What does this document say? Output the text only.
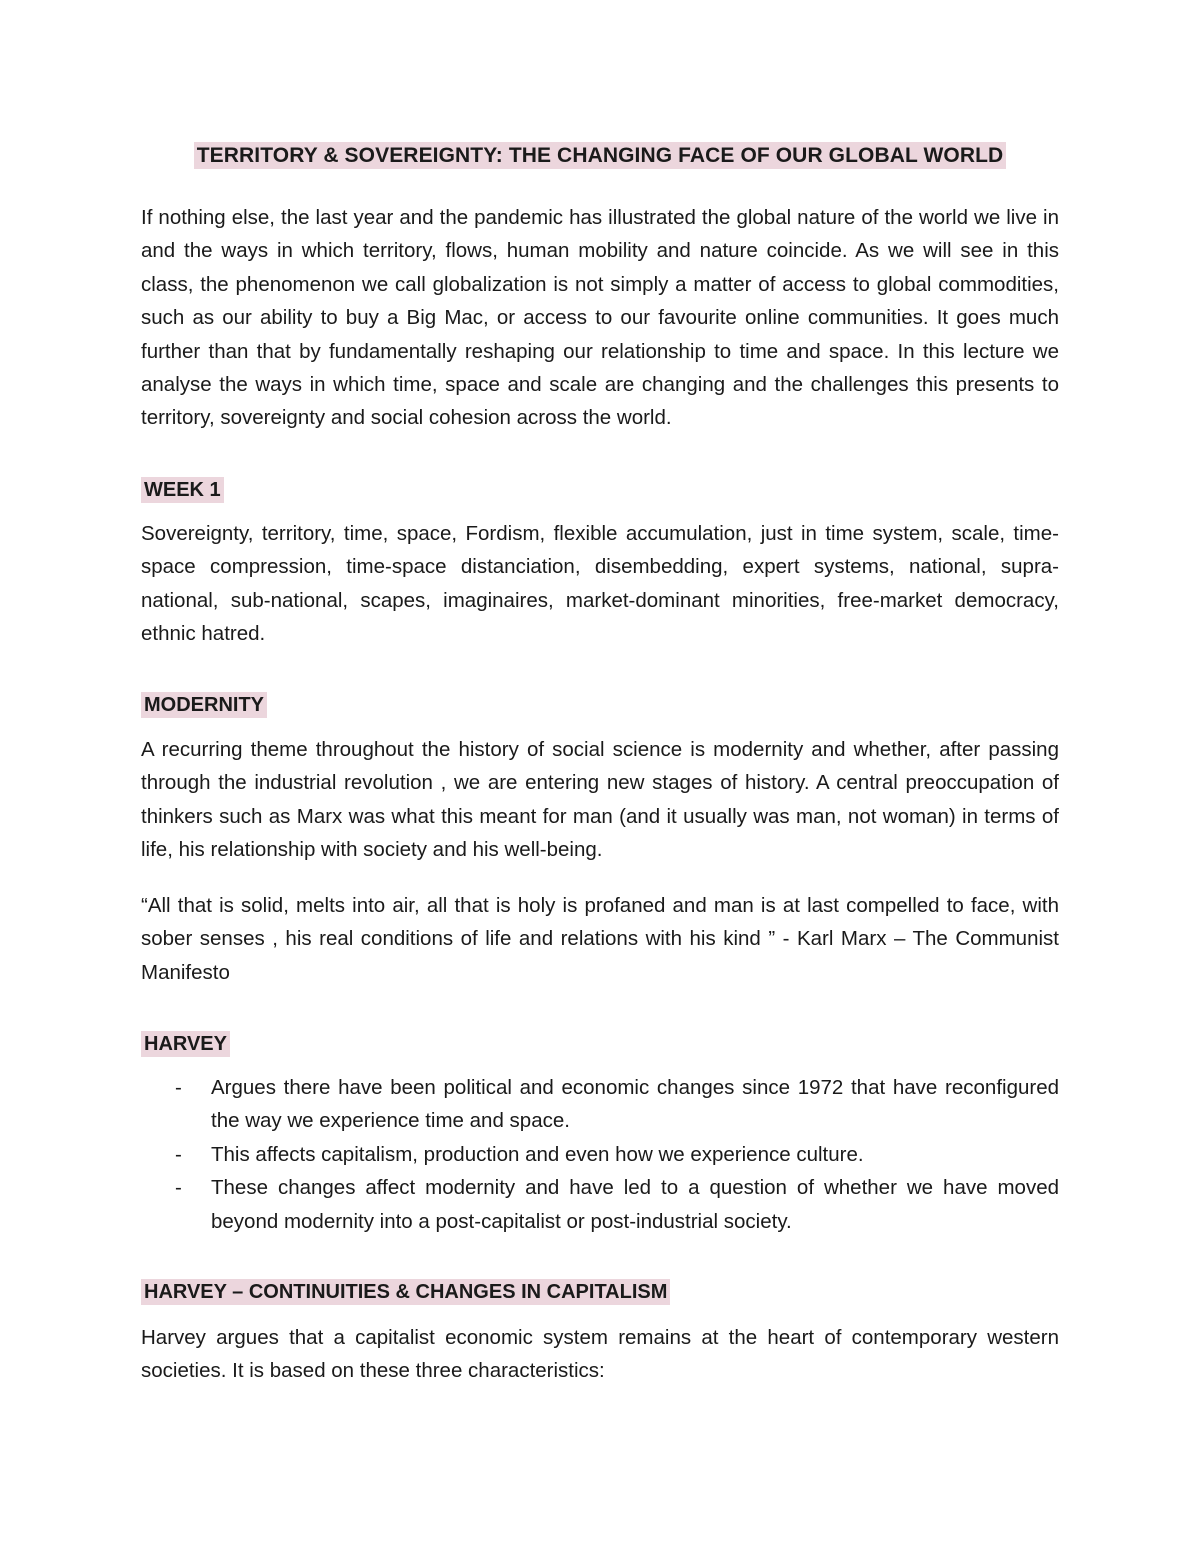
TERRITORY & SOVEREIGNTY: THE CHANGING FACE OF OUR GLOBAL WORLD

If nothing else, the last year and the pandemic has illustrated the global nature of the world we live in and the ways in which territory, flows, human mobility and nature coincide. As we will see in this class, the phenomenon we call globalization is not simply a matter of access to global commodities, such as our ability to buy a Big Mac, or access to our favourite online communities. It goes much further than that by fundamentally reshaping our relationship to time and space. In this lecture we analyse the ways in which time, space and scale are changing and the challenges this presents to territory, sovereignty and social cohesion across the world.

WEEK 1

Sovereignty, territory, time, space, Fordism, flexible accumulation, just in time system, scale, time-space compression, time-space distanciation, disembedding, expert systems, national, supra-national, sub-national, scapes, imaginaires, market-dominant minorities, free-market democracy, ethnic hatred.

MODERNITY

A recurring theme throughout the history of social science is modernity and whether, after passing through the industrial revolution , we are entering new stages of history. A central preoccupation of thinkers such as Marx was what this meant for man (and it usually was man, not woman) in terms of life, his relationship with society and his well-being.

“All that is solid, melts into air, all that is holy is profaned and man is at last compelled to face, with sober senses , his real conditions of life and relations with his kind ” - Karl Marx – The Communist Manifesto

HARVEY

- Argues there have been political and economic changes since 1972 that have reconfigured the way we experience time and space.
- This affects capitalism, production and even how we experience culture.
- These changes affect modernity and have led to a question of whether we have moved beyond modernity into a post-capitalist or post-industrial society.

HARVEY – CONTINUITIES & CHANGES IN CAPITALISM

Harvey argues that a capitalist economic system remains at the heart of contemporary western societies. It is based on these three characteristics:
